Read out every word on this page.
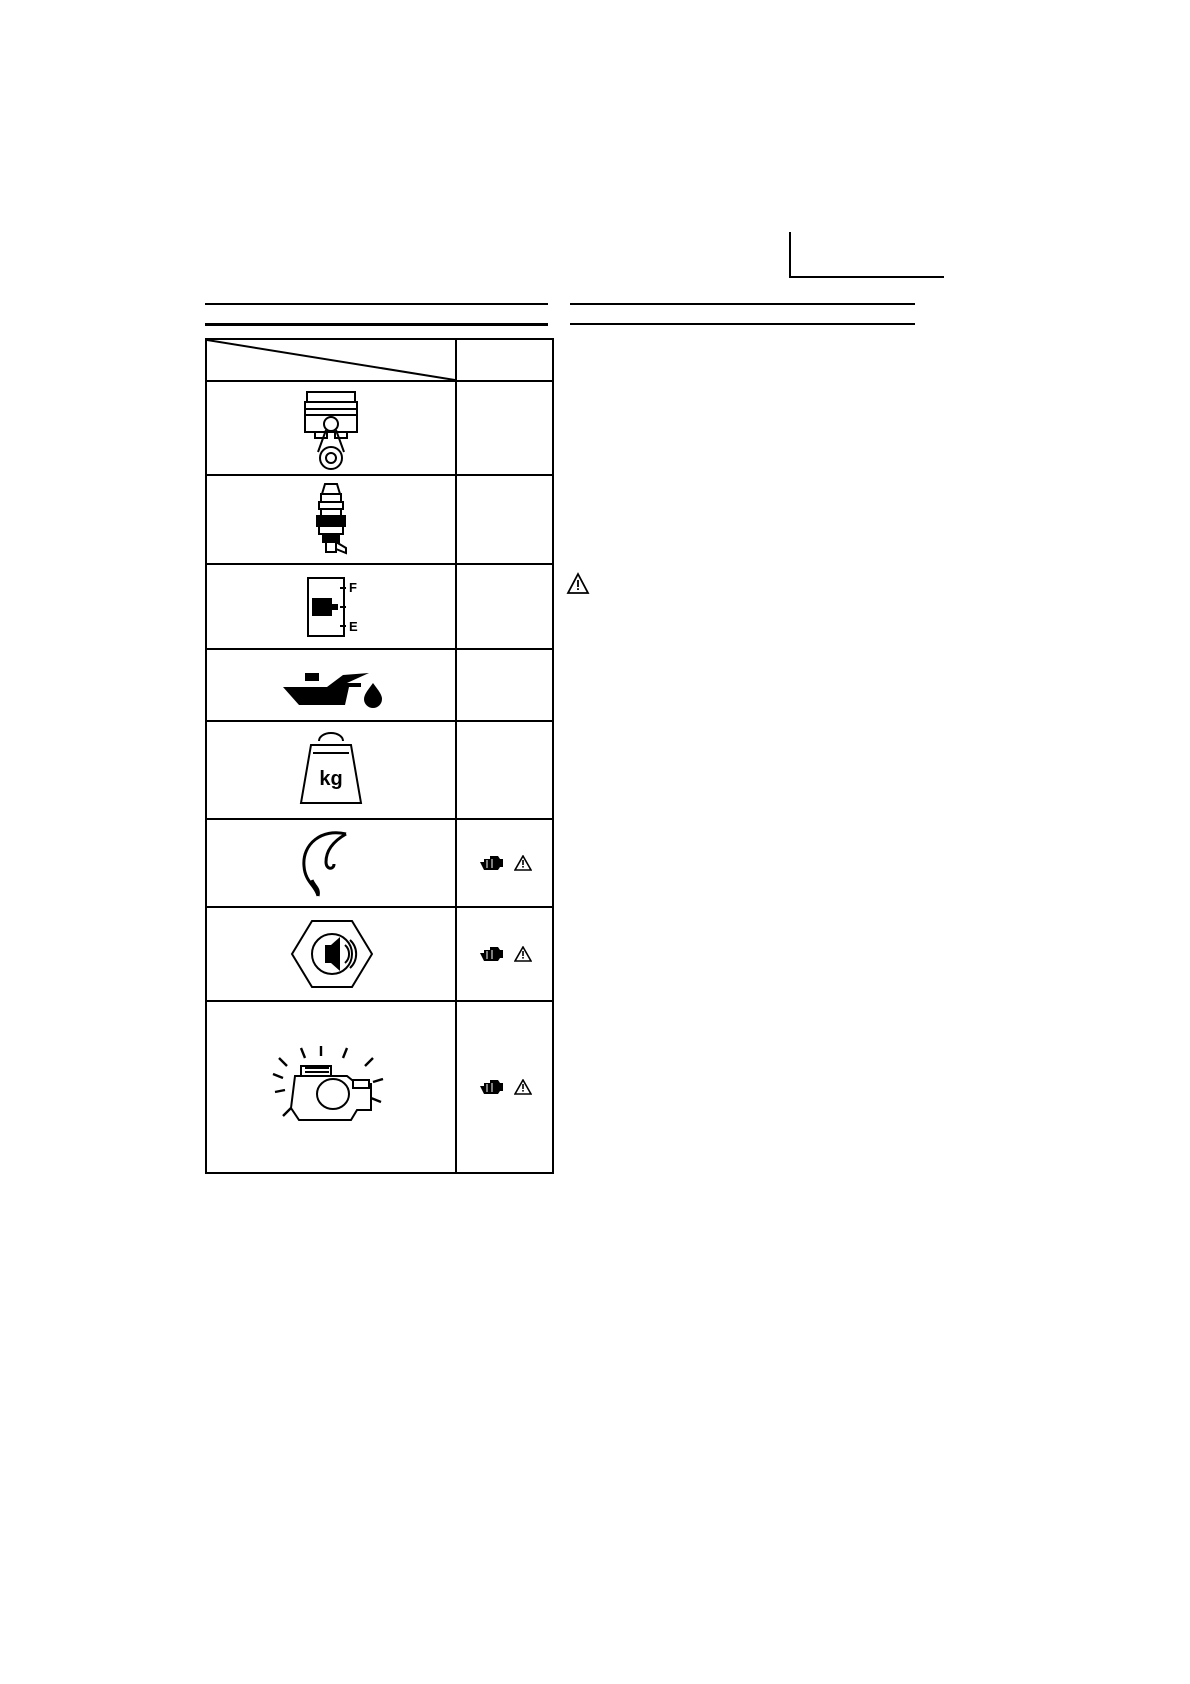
F
E	

kg	
